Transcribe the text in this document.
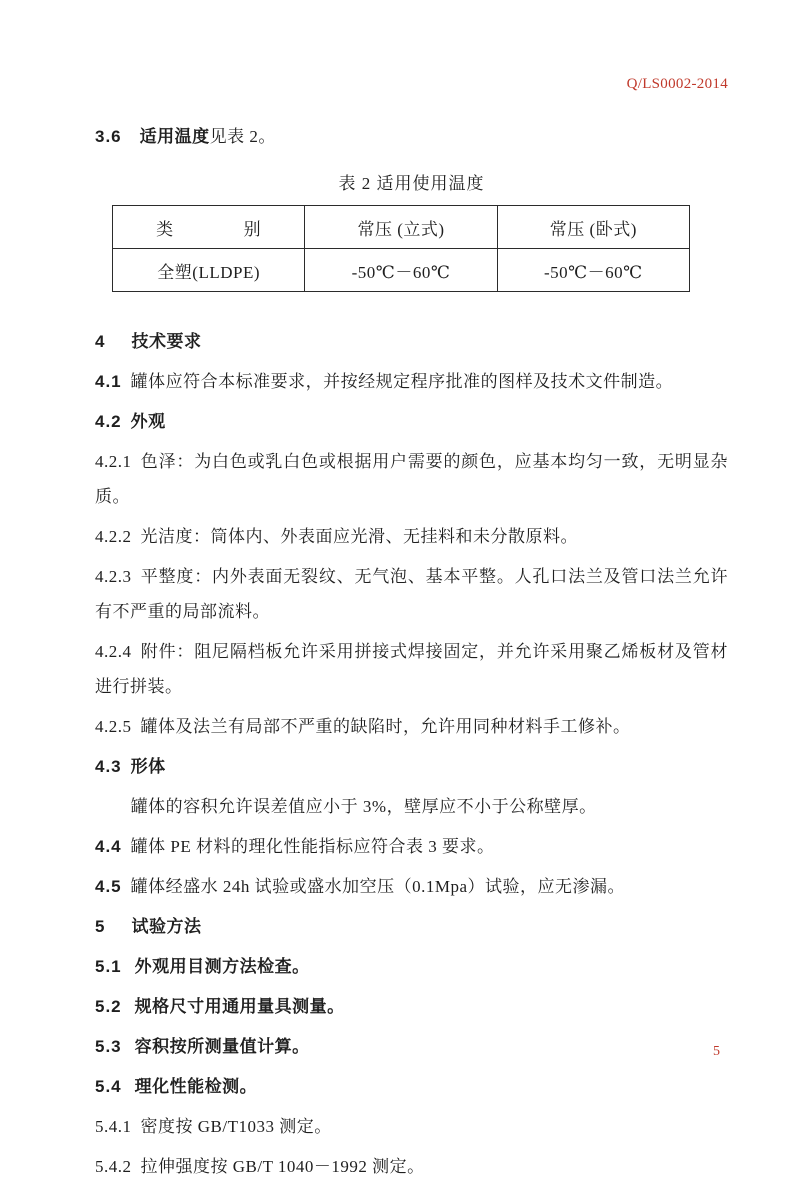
Q/LS0002-2014

3.6 适用温度见表 2。

表 2 适用使用温度

类　　　　别	常压 (立式)	常压 (卧式)
全塑(LLDPE)	-50℃－60℃	-50℃－60℃

4 技术要求

4.1 罐体应符合本标准要求，并按经规定程序批准的图样及技术文件制造。

4.2 外观

4.2.1 色泽：为白色或乳白色或根据用户需要的颜色，应基本均匀一致，无明显杂质。

4.2.2 光洁度：筒体内、外表面应光滑、无挂料和未分散原料。

4.2.3 平整度：内外表面无裂纹、无气泡、基本平整。人孔口法兰及管口法兰允许有不严重的局部流料。

4.2.4 附件：阻尼隔档板允许采用拼接式焊接固定，并允许采用聚乙烯板材及管材进行拼装。

4.2.5 罐体及法兰有局部不严重的缺陷时，允许用同种材料手工修补。

4.3 形体

罐体的容积允许误差值应小于 3%，壁厚应不小于公称壁厚。

4.4 罐体 PE 材料的理化性能指标应符合表 3 要求。

4.5 罐体经盛水 24h 试验或盛水加空压（0.1Mpa）试验，应无渗漏。

5 试验方法

5.1 外观用目测方法检查。

5.2 规格尺寸用通用量具测量。

5.3 容积按所测量值计算。

5.4 理化性能检测。

5.4.1 密度按 GB/T1033 测定。

5.4.2 拉伸强度按 GB/T 1040－1992 测定。

5
